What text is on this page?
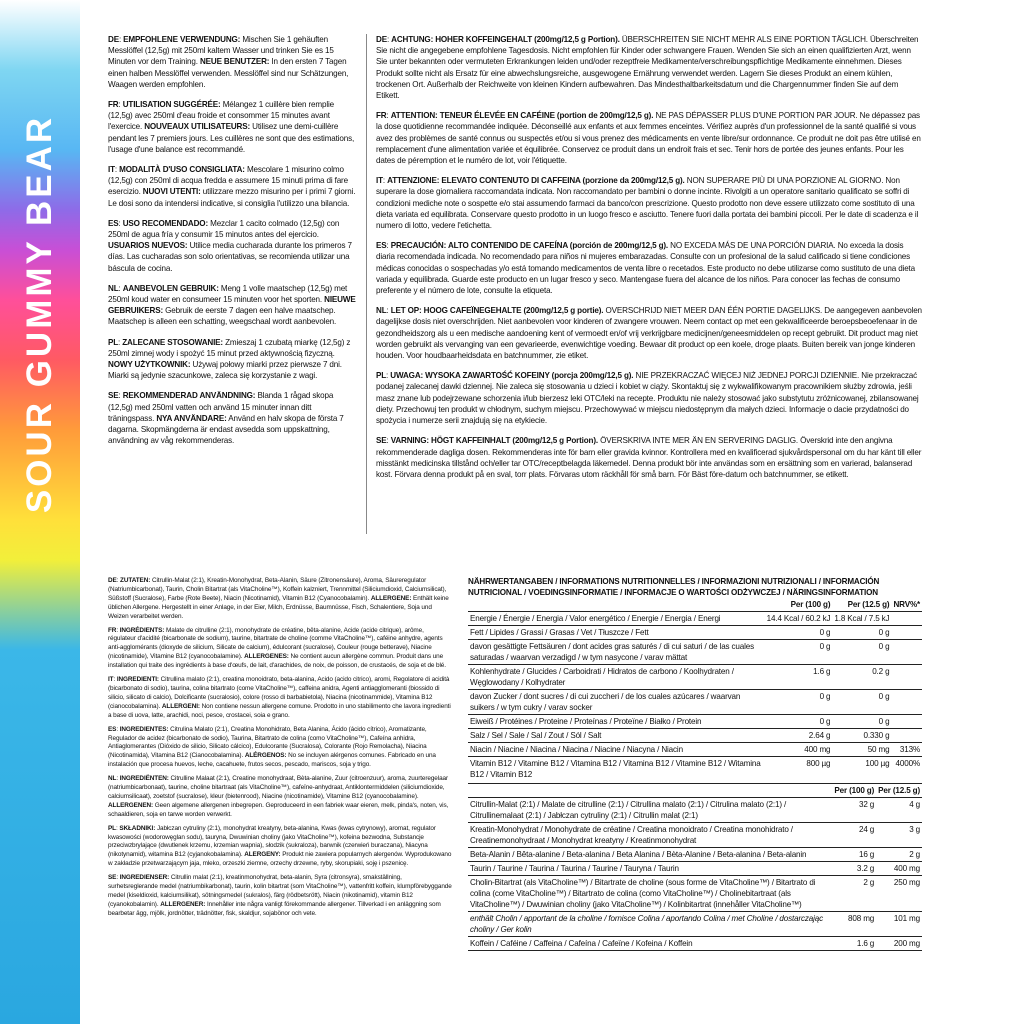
SOUR GUMMY BEAR

DE: EMPFOHLENE VERWENDUNG: Mischen Sie 1 gehäuften Messlöffel (12,5g) mit 250ml kaltem Wasser und trinken Sie es 15 Minuten vor dem Training. NEUE BENUTZER: In den ersten 7 Tagen einen halben Messlöffel verwenden. Messlöffel sind nur Schätzungen, Waagen werden empfohlen.

FR: UTILISATION SUGGÉRÉE: Mélangez 1 cuillère bien remplie (12,5g) avec 250ml d'eau froide et consommer 15 minutes avant l'exercice. NOUVEAUX UTILISATEURS: Utilisez une demi-cuillère pendant les 7 premiers jours. Les cuillères ne sont que des estimations, l'usage d'une balance est recommandé.

IT: MODALITÀ D'USO CONSIGLIATA: Mescolare 1 misurino colmo (12,5g) con 250ml di acqua fredda e assumere 15 minuti prima di fare esercizio. NUOVI UTENTI: utilizzare mezzo misurino per i primi 7 giorni. Le dosi sono da intendersi indicative, si consiglia l'utilizzo una bilancia.

ES: USO RECOMENDADO: Mezclar 1 cacito colmado (12,5g) con 250ml de agua fría y consumir 15 minutos antes del ejercicio. USUARIOS NUEVOS: Utilice media cucharada durante los primeros 7 días. Las cucharadas son solo orientativas, se recomienda utilizar una báscula de cocina.

NL: AANBEVOLEN GEBRUIK: Meng 1 volle maatschep (12,5g) met 250ml koud water en consumeer 15 minuten voor het sporten. NIEUWE GEBRUIKERS: Gebruik de eerste 7 dagen een halve maatschep. Maatschep is alleen een schatting, weegschaal wordt aanbevolen.

PL: ZALECANE STOSOWANIE: Zmieszaj 1 czubatą miarkę (12,5g) z 250ml zimnej wody i spożyć 15 minut przed aktywnością fizyczną. NOWY UŻYTKOWNIK: Używaj połowy miarki przez pierwsze 7 dni. Miarki są jedynie szacunkowe, zaleca się korzystanie z wagi.

SE: REKOMMENDERAD ANVÄNDNING: Blanda 1 rågad skopa (12,5g) med 250ml vatten och använd 15 minuter innan ditt träningspass. NYA ANVÄNDARE: Använd en halv skopa de första 7 dagarna. Skopmängderna är endast avsedda som uppskattning, användning av våg rekommenderas.

DE: ACHTUNG: HOHER KOFFEINGEHALT (200mg/12,5 g Portion). ÜBERSCHREITEN SIE NICHT MEHR ALS EINE PORTION TÄGLICH. Überschreiten Sie nicht die angegebene empfohlene Tagesdosis. Nicht empfohlen für Kinder oder schwangere Frauen. Wenden Sie sich an einen qualifizierten Arzt, wenn Sie unter bekannten oder vermuteten Erkrankungen leiden und/oder rezeptfreie Medikamente/verschreibungspflichtige Medikamente einnehmen. Dieses Produkt sollte nicht als Ersatz für eine abwechslungsreiche, ausgewogene Ernährung verwendet werden. Lagern Sie dieses Produkt an einem kühlen, trockenen Ort. Außerhalb der Reichweite von kleinen Kindern aufbewahren. Das Mindesthaltbarkeitsdatum und die Chargennummer finden Sie auf dem Etikett.

FR: ATTENTION: TENEUR ÉLEVÉE EN CAFÉINE (portion de 200mg/12,5 g). NE PAS DÉPASSER PLUS D'UNE PORTION PAR JOUR. Ne dépassez pas la dose quotidienne recommandée indiquée. Déconseillé aux enfants et aux femmes enceintes. Vérifiez auprès d'un professionnel de la santé qualifié si vous avez des problèmes de santé connus ou suspectés et/ou si vous prenez des médicaments en vente libre/sur ordonnance. Ce produit ne doit pas être utilisé en remplacement d'une alimentation variée et équilibrée. Conservez ce produit dans un endroit frais et sec. Tenir hors de portée des jeunes enfants. Pour les dates de péremption et le numéro de lot, voir l'étiquette.

IT: ATTENZIONE: ELEVATO CONTENUTO DI CAFFEINA (porzione da 200mg/12,5 g). NON SUPERARE PIÙ DI UNA PORZIONE AL GIORNO. Non superare la dose giornaliera raccomandata indicata. Non raccomandato per bambini o donne incinte. Rivolgiti a un operatore sanitario qualificato se soffri di condizioni mediche note o sospette e/o stai assumendo farmaci da banco/con prescrizione. Questo prodotto non deve essere utilizzato come sostituto di una dieta variata ed equilibrata. Conservare questo prodotto in un luogo fresco e asciutto. Tenere fuori dalla portata dei bambini piccoli. Per le date di scadenza e il numero di lotto, vedere l'etichetta.

ES: PRECAUCIÓN: ALTO CONTENIDO DE CAFEÍNA (porción de 200mg/12,5 g). NO EXCEDA MÁS DE UNA PORCIÓN DIARIA. No exceda la dosis diaria recomendada indicada. No recomendado para niños ni mujeres embarazadas. Consulte con un profesional de la salud calificado si tiene condiciones médicas conocidas o sospechadas y/o está tomando medicamentos de venta libre o recetados. Este producto no debe utilizarse como sustituto de una dieta variada y equilibrada. Guarde este producto en un lugar fresco y seco. Mantengase fuera del alcance de los niños. Para conocer las fechas de consumo preferente y el número de lote, consulte la etiqueta.

NL: LET OP: HOOG CAFEÏNEGEHALTE (200mg/12,5 g portie). OVERSCHRIJD NIET MEER DAN ÉÉN PORTIE DAGELIJKS. De aangegeven aanbevolen dagelijkse dosis niet overschrijden. Niet aanbevolen voor kinderen of zwangere vrouwen. Neem contact op met een gekwalificeerde beroepsbeoefenaar in de gezondheidszorg als u een medische aandoening kent of vermoedt en/of vrij verkrijgbare medicijnen/geneesmiddelen op recept gebruikt. Dit product mag niet worden gebruikt als vervanging van een gevarieerde, evenwichtige voeding. Bewaar dit product op een koele, droge plaats. Buiten bereik van jonge kinderen houden. Voor houdbaarheidsdata en batchnummer, zie etiket.

PL: UWAGA: WYSOKA ZAWARTOŚĆ KOFEINY (porcja 200mg/12,5 g). NIE PRZEKRACZAĆ WIĘCEJ NIŻ JEDNEJ PORCJI DZIENNIE. Nie przekraczać podanej zalecanej dawki dziennej. Nie zaleca się stosowania u dzieci i kobiet w ciąży. Skontaktuj się z wykwalifikowanym pracownikiem służby zdrowia, jeśli masz znane lub podejrzewane schorzenia i/lub bierzesz leki OTC/leki na recepte. Produktu nie należy stosować jako substytutu zróżnicowanej, zbilansowanej diety. Przechowuj ten produkt w chłodnym, suchym miejscu. Przechowywać w miejscu niedostępnym dla małych dzieci. Informacje o dacie przydatności do spożycia i numerze serii znajdują się na etykiecie.

SE: VARNING: HÖGT KAFFEINHALT (200mg/12,5 g Portion). ÖVERSKRIVA INTE MER ÄN EN SERVERING DAGLIG. Överskrid inte den angivna rekommenderade dagliga dosen. Rekommenderas inte för barn eller gravida kvinnor. Kontrollera med en kvalificerad sjukvårdspersonal om du har känt till eller misstänkt medicinska tillstånd och/eller tar OTC/receptbelagda läkemedel. Denna produkt bör inte användas som en ersättning som en varierad, balanserad kost. Förvara denna produkt på en sval, torr plats. Förvaras utom räckhåll för små barn. För Bäst före-datum och batchnummer, se etikett.

DE: ZUTATEN: Citrullin-Malat (2:1), Kreatin-Monohydrat, Beta-Alanin, Säure (Zitronensäure), Aroma, Säureregulator (Natriumbicarbonat), Taurin, Cholin Bitartrat (als VitaCholine™), Koffein kalzniert, Trennmittel (Siliciumdioxid, Calciumsilicat), Süßstoff (Sucralose), Farbe (Rote Beete), Niacin (Nicotinamid), Vitamin B12 (Cyanocobalamin). ALLERGENE: Enthält keine üblichen Allergene. Hergestellt in einer Anlage, in der Eier, Milch, Erdnüsse, Baumnüsse, Fisch, Schalentiere, Soja und Weizen verarbeitet werden.

FR: INGRÉDIENTS: Malate de citrulline (2:1), monohydrate de créatine, bêta-alanine, Acide (acide citrique), arôme, régulateur d'acidité (bicarbonate de sodium), taurine, bitartrate de choline (comme VitaCholine™), caféine anhydre, agents anti-agglomérants (dioxyde de silicium, Silicate de calcium), édulcorant (sucralose), Couleur (rouge betterave), Niacine (nicotinamide), Vitamine B12 (cyanocobalamine). ALLERGENES: Ne contient aucun allergène commun. Produit dans une installation qui traite des ingrédients à base d'œufs, de lait, d'arachides, de noix, de poisson, de crustacés, de soja et de blé.

IT: INGREDIENTI: Citrullina malato (2:1), creatina monoidrato, beta-alanina, Acido (acido citrico), aromi, Regolatore di acidità (bicarbonato di sodio), taurina, colina bitartrato (come VitaCholine™), caffeina anidra, Agenti antiagglomeranti (biossido di silicio, silicato di calcio), Dolcificante (sucralosio), colore (rosso di barbabietola), Niacina (nicotinammide), Vitamina B12 (cianocobalamina). ALLERGENI: Non contiene nessun allergene comune. Prodotto in uno stabilimento che lavora ingredienti a base di uova, latte, arachidi, noci, pesce, crostacei, soia e grano.

ES: INGREDIENTES: Citrulina Malato (2:1), Creatina Monohidrato, Beta Alanina, Ácido (ácido cítrico), Aromatizante, Regulador de acidez (bicarbonato de sodio), Taurina, Bitartrato de colina (como VitaCholine™), Cafeína anhidra, Antiaglomerantes (Dióxido de silicio, Silicato cálcico), Edulcorante (Sucralosa), Colorante (Rojo Remolacha), Niacina (Nicotinamida), Vitamina B12 (Cianocobalamina). ALÉRGENOS: No se incluyen alérgenos comunes. Fabricado en una instalación que procesa huevos, leche, cacahuete, frutos secos, pescado, mariscos, soja y trigo.

NL: INGREDIËNTEN: Citrulline Malaat (2:1), Creatine monohydraat, Bèta-alanine, Zuur (citroenzuur), aroma, zuurteregelaar (natriumbicarbonaat), taurine, choline bitartraat (als VitaCholine™), cafeïne-anhydraat, Antiklontermiddelen (siliciumdioxide, calciumsilicaat), zoetstof (sucralose), kleur (bietenrood), Niacine (nicotinamide), Vitamine B12 (cyanocobalamine). ALLERGENEN: Geen algemene allergenen inbegrepen. Geproduceerd in een fabriek waar eieren, melk, pinda's, noten, vis, schaaldieren, soja en tarwe worden verwerkt.

PL: SKŁADNIKI: Jabłczan cytruliny (2:1), monohydrat kreatyny, beta-alanina, Kwas (kwas cytrynowy), aromat, regulator kwasowości (wodorowęglan sodu), tauryna, Dwuwinian choliny (jako VitaCholine™), kofeina bezwodna, Substancje przeciwzbrylające (dwutlenek krzemu, krzemian wapnia), słodzik (sukraloza), barwnik (czerwień buraczana), Niacyna (nikotynamid), witamina B12 (cyjanokobalamina). ALERGENY: Produkt nie zawiera popularnych alergenów. Wyprodukowano w zakładzie przetwarzającym jaja, mleko, orzeszki ziemne, orzechy drzewne, ryby, skorupiaki, soję i pszenicę.

SE: INGREDIENSER: Citrullin malat (2:1), kreatinmonohydrat, beta-alanin, Syra (citronsyra), smakställning, surhetsreglerande medel (natriumbikarbonat), taurin, kolin bitartrat (som VitaCholine™), vattenfritt koffein, klumpförebyggande medel (kiseldioxid, kalciumsilikat), sötningsmedel (sukralos), färg (rödbetsrött), Niacin (nikotinamid), vitamin B12 (cyanokobalamin). ALLERGENER: Innehåller inte några vanligt förekommande allergener. Tillverkad i en anläggning som bearbetar ägg, mjölk, jordnötter, trädnötter, fisk, skaldjur, sojabönor och vete.

NÄHRWERTANGABEN / INFORMATIONS NUTRITIONNELLES / INFORMAZIONI NUTRIZIONALI / INFORMACIÓN NUTRICIONAL / VOEDINGSINFORMATIE / INFORMACJE O WARTOŚCI ODŻYWCZEJ / NÄRINGSINFORMATION
	Per (100 g)	Per (12.5 g)	NRV%*
Energie / Énergie / Energia / Valor energético / Energie / Energia / Energi	14.4 Kcal / 60.2 kJ	1.8 Kcal / 7.5 kJ	
Fett / Lipides / Grassi / Grasas / Vet / Tłuszcze / Fett	0 g	0 g	
davon gesättigte Fettsäuren / dont acides gras saturés / di cui saturi / de las cuales saturadas / waarvan verzadigd / w tym nasycone / varav mättat	0 g	0 g	
Kohlenhydrate / Glucides / Carboidrati / Hidratos de carbono / Koolhydraten / Węglowodany / Kolhydrater	1.6 g	0.2 g	
davon Zucker / dont sucres / di cui zuccheri / de los cuales azúcares / waarvan suikers / w tym cukry / varav socker	0 g	0 g	
Eiweiß / Protéines / Proteine / Proteínas / Proteïne / Białko / Protein	0 g	0 g	
Salz / Sel / Sale / Sal / Zout / Sól / Salt	2.64 g	0.330 g	
Niacin / Niacine / Niacina / Niacina / Niacine / Niacyna / Niacin	400 mg	50 mg	313%
Vitamin B12 / Vitamine B12 / Vitamina B12 / Vitamina B12 / Vitamine B12 / Witamina B12 / Vitamin B12	800 µg	100 µg	4000%
	Per (100 g)	Per (12.5 g)
Citrullin-Malat (2:1) / Malate de citrulline (2:1) / Citrullina malato (2:1) / Citrulina malato (2:1) / Citrullinemalaat (2:1) / Jabłczan cytruliny (2:1) / Citrullin malat (2:1)	32 g	4 g
Kreatin-Monohydrat / Monohydrate de créatine / Creatina monoidrato / Creatina monohidrato / Creatinemonohydraat / Monohydrat kreatyny / Kreatinmonohydrat	24 g	3 g
Beta-Alanin / Bêta-alanine / Beta-alanina / Beta Alanina / Bèta-Alanine / Beta-alanina / Beta-alanin	16 g	2 g
Taurin / Taurine / Taurina / Taurina / Taurine / Tauryna / Taurin	3.2 g	400 mg
Cholin-Bitartrat (als VitaCholine™) / Bitartrate de choline (sous forme de VitaCholine™) / Bitartrato di colina (come VitaCholine™) / Bitartrato de colina (como VitaCholine™) / Cholinebitartraat (als VitaCholine™) / Dwuwinian choliny (jako VitaCholine™) / Kolinbitartrat (innehåller VitaCholine™)	2 g	250 mg
enthält Cholin / apportant de la choline / fornisce Colina / aportando Colina / met Choline / dostarczając choliny / Ger kolin	808 mg	101 mg
Koffein / Caféine / Caffeina / Cafeína / Cafeïne / Kofeina / Koffein	1.6 g	200 mg
